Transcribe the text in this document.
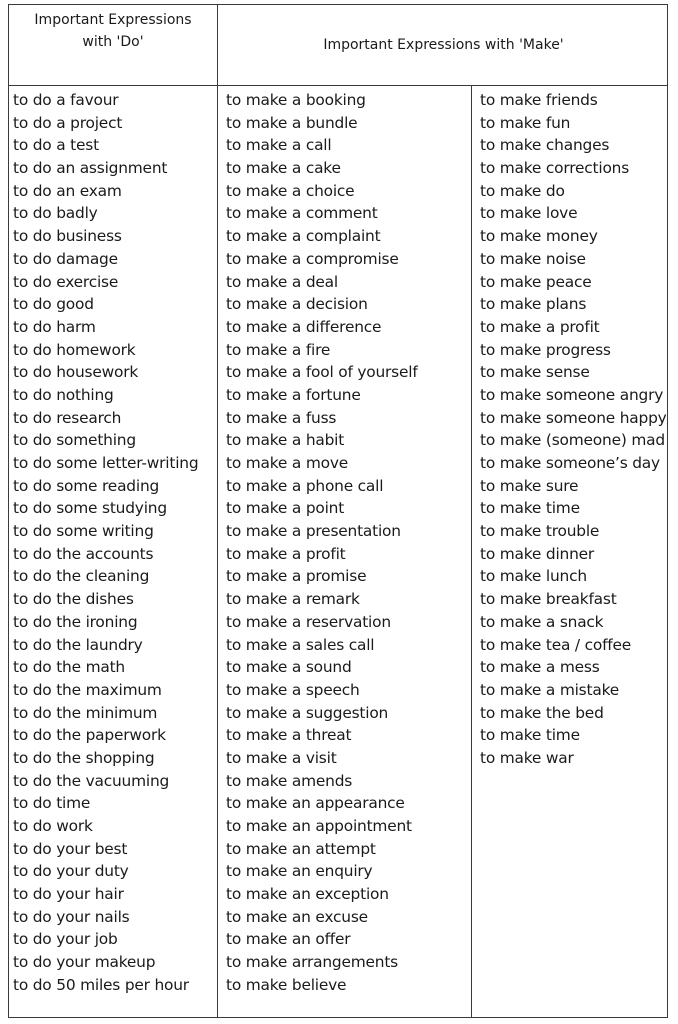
Important Expressions with 'Do'	Important Expressions with 'Make'
to do a favour
to do a project
to do a test
to do an assignment
to do an exam
to do badly
to do business
to do damage
to do exercise
to do good
to do harm
to do homework
to do housework
to do nothing
to do research
to do something
to do some letter-writing
to do some reading
to do some studying
to do some writing
to do the accounts
to do the cleaning
to do the dishes
to do the ironing
to do the laundry
to do the math
to do the maximum
to do the minimum
to do the paperwork
to do the shopping
to do the vacuuming
to do time
to do work
to do your best
to do your duty
to do your hair
to do your nails
to do your job
to do your makeup
to do 50 miles per hour
to make a booking
to make a bundle
to make a call
to make a cake
to make a choice
to make a comment
to make a complaint
to make a compromise
to make a deal
to make a decision
to make a difference
to make a fire
to make a fool of yourself
to make a fortune
to make a fuss
to make a habit
to make a move
to make a phone call
to make a point
to make a presentation
to make a profit
to make a promise
to make a remark
to make a reservation
to make a sales call
to make a sound
to make a speech
to make a suggestion
to make a threat
to make a visit
to make amends
to make an appearance
to make an appointment
to make an attempt
to make an enquiry
to make an exception
to make an excuse
to make an offer
to make arrangements
to make believe
to make friends
to make fun
to make changes
to make corrections
to make do
to make love
to make money
to make noise
to make peace
to make plans
to make a profit
to make progress
to make sense
to make someone angry
to make someone happy
to make (someone) mad
to make someone’s day
to make sure
to make time
to make trouble
to make dinner
to make lunch
to make breakfast
to make a snack
to make tea / coffee
to make a mess
to make a mistake
to make the bed
to make time
to make war
